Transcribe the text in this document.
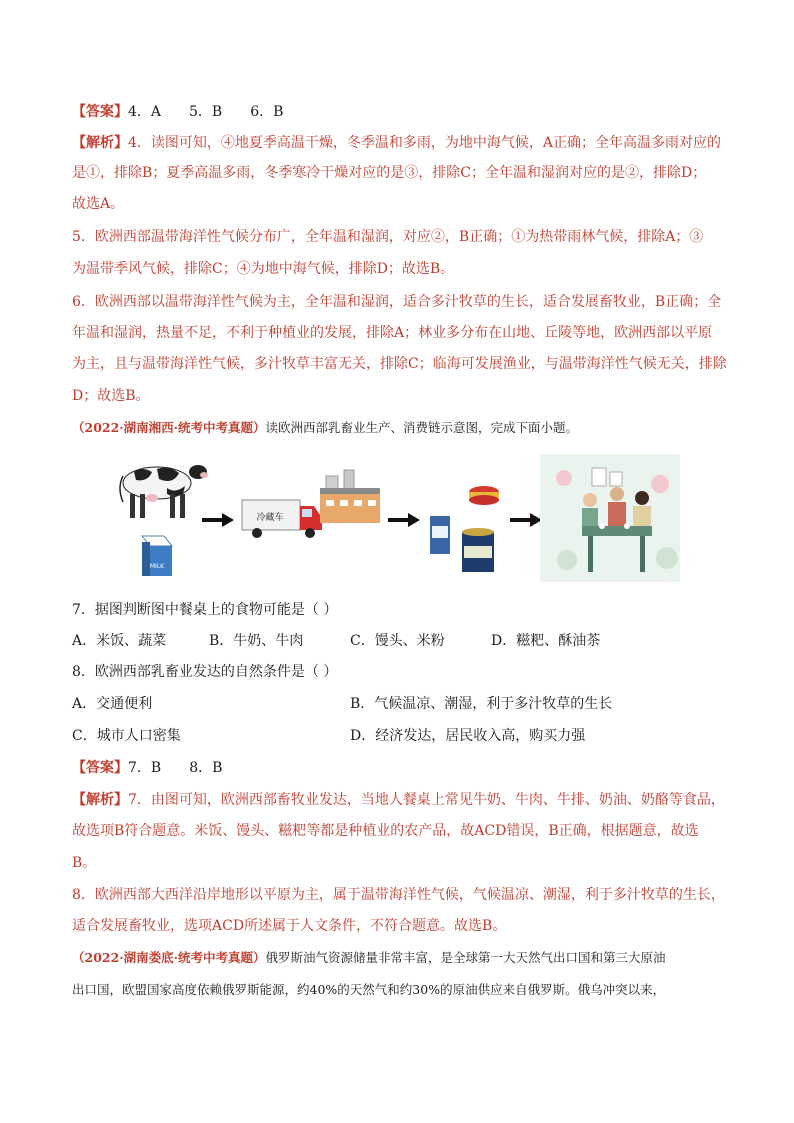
【答案】4．A　　5．B　　6．B
【解析】4．读图可知，④地夏季高温干燥，冬季温和多雨，为地中海气候，A正确；全年高温多雨对应的
是①，排除B；夏季高温多雨，冬季寒冷干燥对应的是③，排除C；全年温和湿润对应的是②，排除D；
故选A。
5．欧洲西部温带海洋性气候分布广，全年温和湿润，对应②，B正确；①为热带雨林气候，排除A；③
为温带季风气候，排除C；④为地中海气候，排除D；故选B。
6．欧洲西部以温带海洋性气候为主，全年温和湿润，适合多汁牧草的生长，适合发展畜牧业，B正确；全
年温和湿润，热量不足，不利于种植业的发展，排除A；林业多分布在山地、丘陵等地，欧洲西部以平原
为主，且与温带海洋性气候，多汁牧草丰富无关，排除C；临海可发展渔业，与温带海洋性气候无关，排除
D；故选B。
（2022·湖南湘西·统考中考真题）读欧洲西部乳畜业生产、消费链示意图，完成下面小题。
MILK
冷藏车
7．据图判断图中餐桌上的食物可能是（ ）
A．米饭、蔬菜	B．牛奶、牛肉	C．馒头、米粉	D．糍粑、酥油茶
8．欧洲西部乳畜业发达的自然条件是（ ）
A．交通便利	B．气候温凉、潮湿，利于多汁牧草的生长
C．城市人口密集	D．经济发达，居民收入高，购买力强
【答案】7．B　　8．B
【解析】7．由图可知，欧洲西部畜牧业发达，当地人餐桌上常见牛奶、牛肉、牛排、奶油、奶酪等食品，
故选项B符合题意。米饭、馒头、糍粑等都是种植业的农产品，故ACD错误，B正确，根据题意，故选
B。
8．欧洲西部大西洋沿岸地形以平原为主，属于温带海洋性气候，气候温凉、潮湿，利于多汁牧草的生长，
适合发展畜牧业，选项ACD所述属于人文条件，不符合题意。故选B。
（2022·湖南娄底·统考中考真题）俄罗斯油气资源储量非常丰富，是全球第一大天然气出口国和第三大原油
出口国，欧盟国家高度依赖俄罗斯能源，约40%的天然气和约30%的原油供应来自俄罗斯。俄乌冲突以来，
